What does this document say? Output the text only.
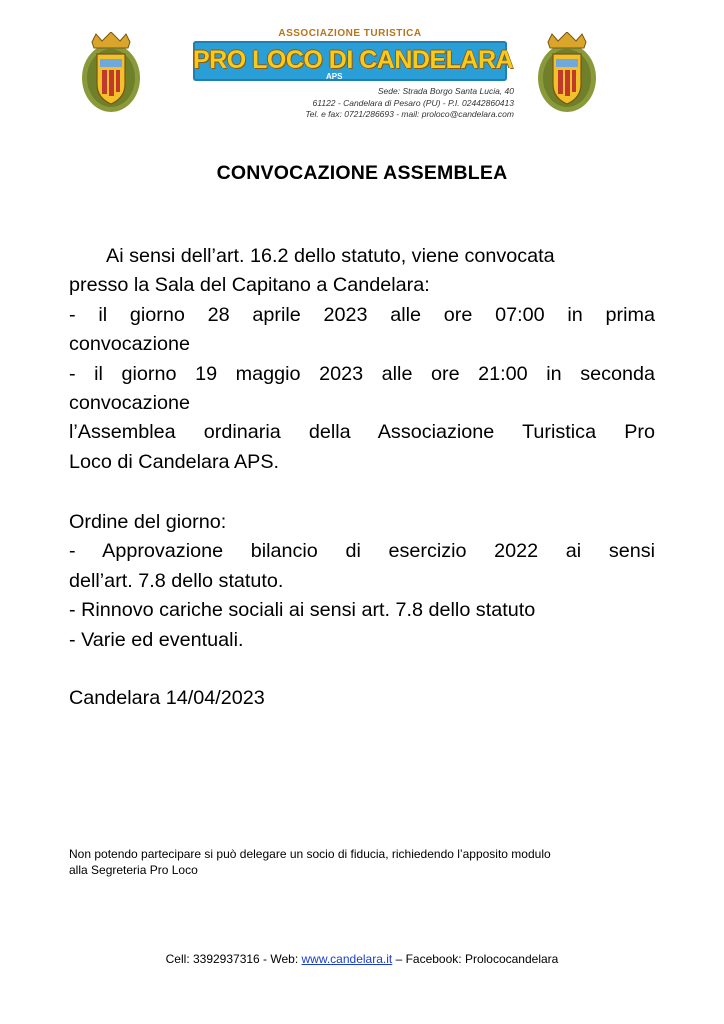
ASSOCIAZIONE TURISTICA
PRO LOCO DI CANDELARA
APS
Sede: Strada Borgo Santa Lucia, 40
61122 - Candelara di Pesaro (PU) - P.I. 02442860413
Tel. e fax: 0721/286693 - mail: proloco@candelara.com
CONVOCAZIONE ASSEMBLEA
Ai sensi dell’art. 16.2 dello statuto, viene convocata
presso la Sala del Capitano a Candelara:
- il giorno 28 aprile 2023 alle ore 07:00 in prima
convocazione
- il giorno 19 maggio 2023 alle ore 21:00 in seconda
convocazione
l’Assemblea ordinaria della Associazione Turistica Pro
Loco di Candelara APS.
Ordine del giorno:
- Approvazione bilancio di esercizio 2022 ai sensi
dell’art. 7.8 dello statuto.
- Rinnovo cariche sociali ai sensi art. 7.8 dello statuto
- Varie ed eventuali.
Candelara 14/04/2023
Non potendo partecipare si può delegare un socio di fiducia, richiedendo l’apposito modulo
alla Segreteria Pro Loco
Cell: 3392937316 - Web: www.candelara.it – Facebook: Prolococandelara
